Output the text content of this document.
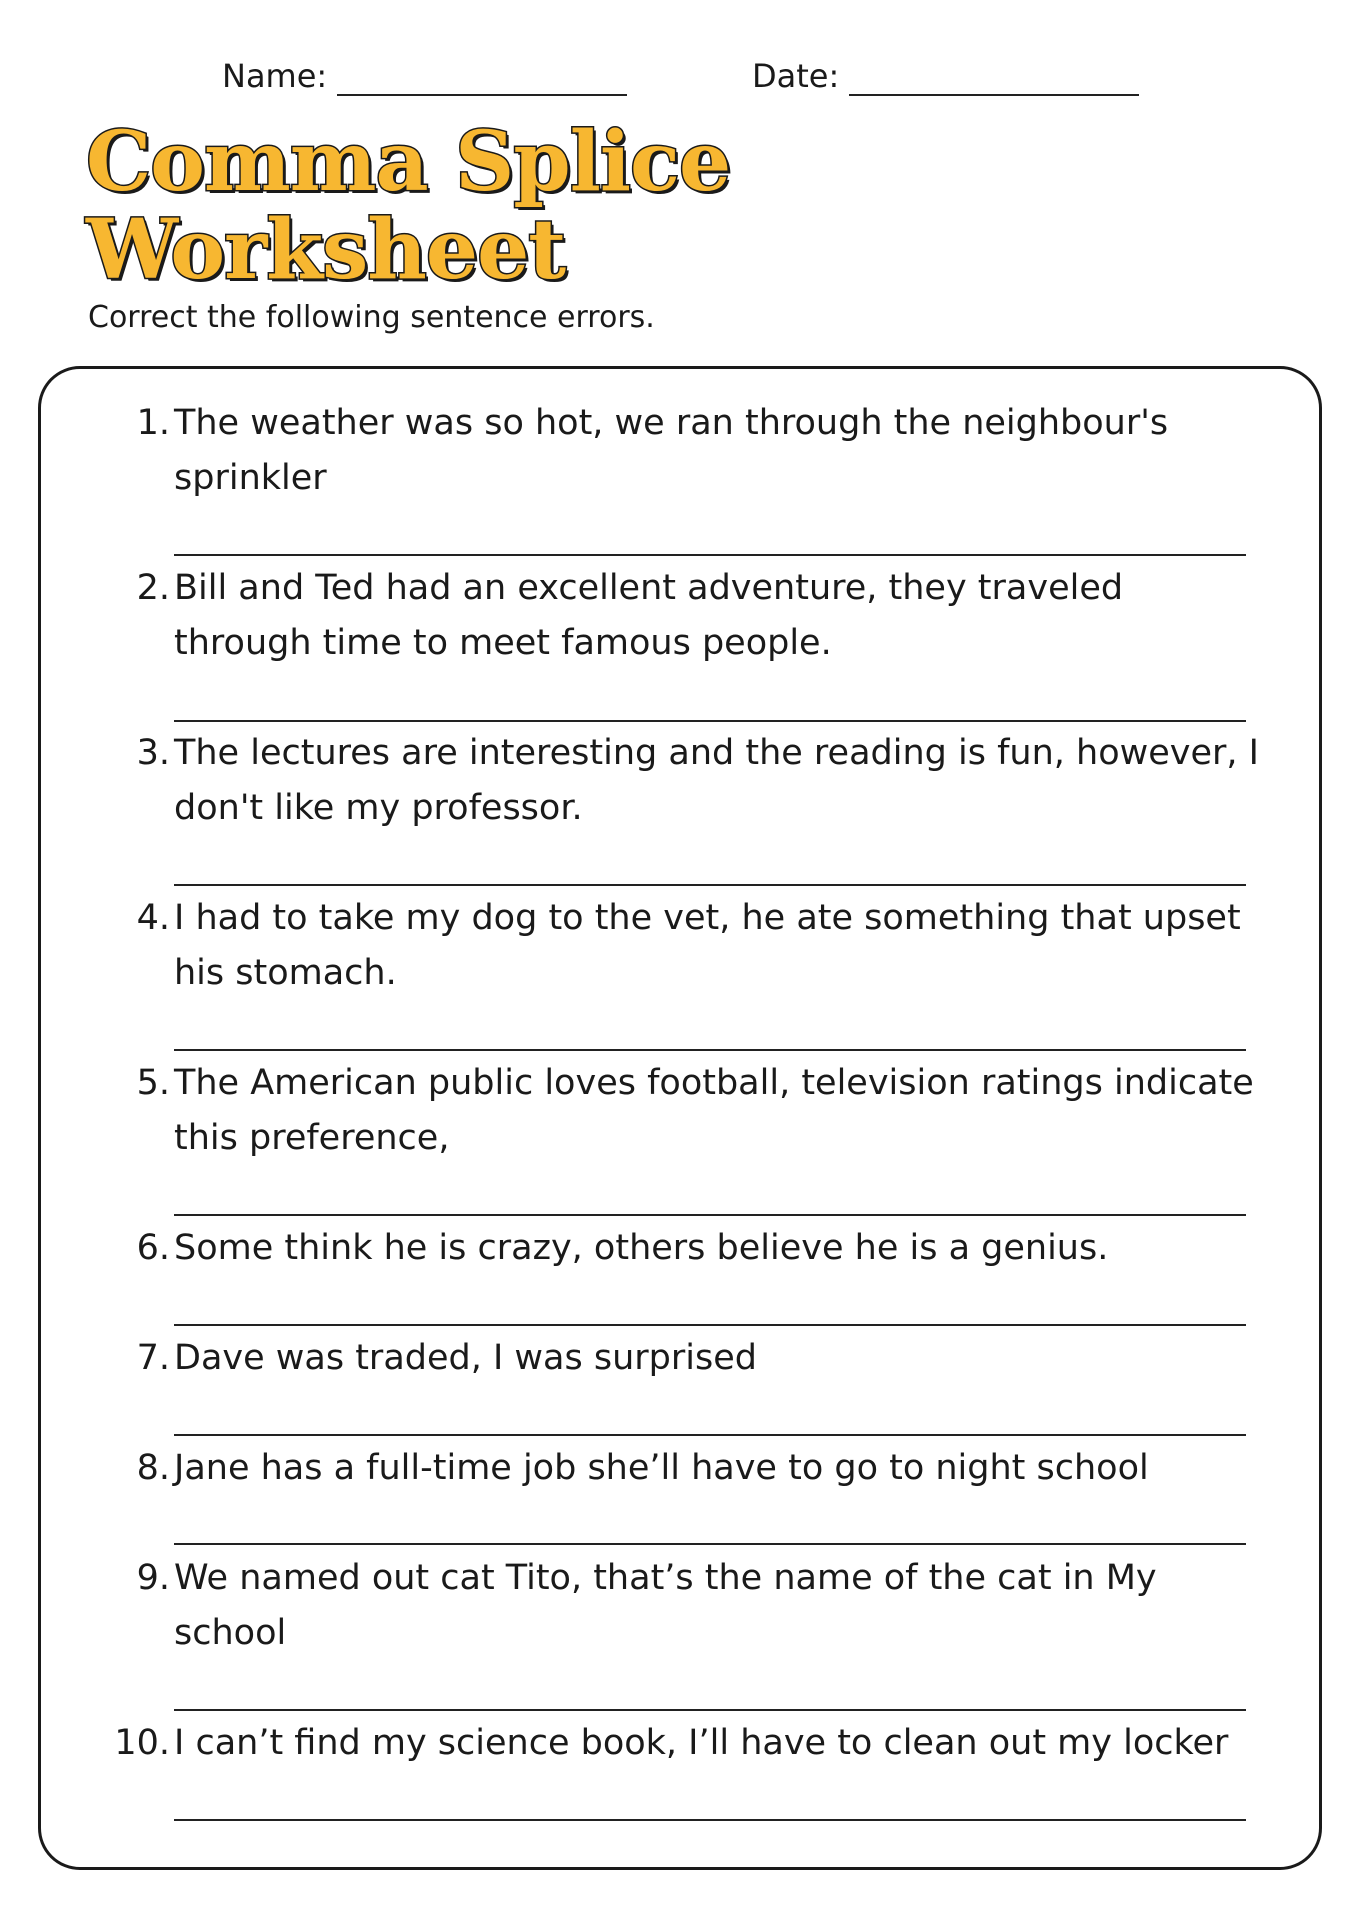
Name:	Date:
Comma Splice
Worksheet
Correct the following sentence errors.
1. The weather was so hot, we ran through the neighbour's sprinkler
2. Bill and Ted had an excellent adventure, they traveled through time to meet famous people.
3. The lectures are interesting and the reading is fun, however, I don't like my professor.
4. I had to take my dog to the vet, he ate something that upset his stomach.
5. The American public loves football, television ratings indicate this preference,
6. Some think he is crazy, others believe he is a genius.
7. Dave was traded, I was surprised
8. Jane has a full-time job she’ll have to go to night school
9. We named out cat Tito, that’s the name of the cat in My school
10. I can’t find my science book, I’ll have to clean out my locker
